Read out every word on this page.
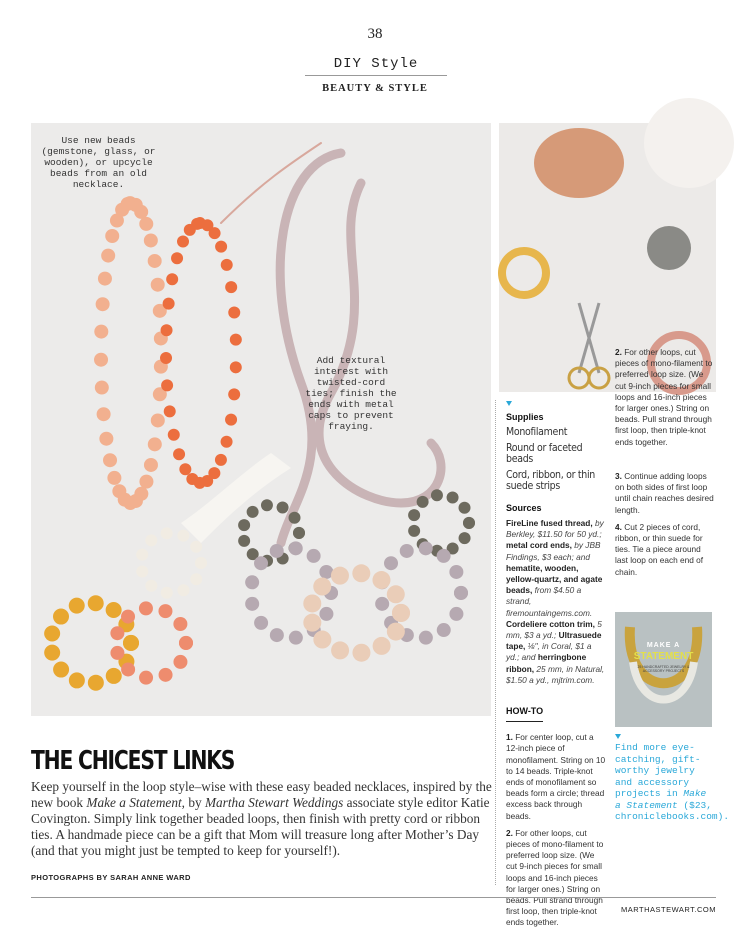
38
DIY Style
BEAUTY & STYLE
Use new beads (gemstone, glass, or wooden), or upcycle beads from an old necklace.
Add textural interest with twisted-cord ties; finish the ends with metal caps to prevent fraying.
Supplies
Monofilament
Round or faceted beads
Cord, ribbon, or thin suede strips
Sources
FireLine fused thread, by Berkley, $11.50 for 50 yd.; metal cord ends, by JBB Findings, $3 each; and hematite, wooden, yellow-quartz, and agate beads, from $4.50 a strand, firemountaingems.com. Cordeliere cotton trim, 5 mm, $3 a yd.; Ultrasuede tape, ⅛", in Coral, $1 a yd.; and herringbone ribbon, 25 mm, in Natural, $1.50 a yd., mjtrim.com.
HOW-TO
1. For center loop, cut a 12-inch piece of monofilament. String on 10 to 14 beads. Triple-knot ends of monofilament so beads form a circle; thread excess back through beads.
2. For other loops, cut pieces of mono-filament to preferred loop size. (We cut 9-inch pieces for small loops and 16-inch pieces for larger ones.) String on beads. Pull strand through first loop, then triple-knot ends together.
2. For other loops, cut pieces of mono-filament to preferred loop size. (We cut 9-inch pieces for small loops and 16-inch pieces for larger ones.) String on beads. Pull strand through first loop, then triple-knot ends together.
3. Continue adding loops on both sides of first loop until chain reaches desired length.
4. Cut 2 pieces of cord, ribbon, or thin suede for ties. Tie a piece around last loop on each end of chain.
MAKE A
STATEMENT
25 HANDCRAFTED JEWELRY & ACCESSORY PROJECTS
Find more eye-catching, gift-worthy jewelry and accessory projects in Make a Statement ($23, chroniclebooks.com).
THE CHICEST LINKS
Keep yourself in the loop style–wise with these easy beaded necklaces, inspired by the new book Make a Statement, by Martha Stewart Weddings associate style editor Katie Covington. Simply link together beaded loops, then finish with pretty cord or ribbon ties. A handmade piece can be a gift that Mom will treasure long after Mother’s Day (and that you might just be tempted to keep for yourself!).
PHOTOGRAPHS BY SARAH ANNE WARD
MARTHASTEWART.COM
